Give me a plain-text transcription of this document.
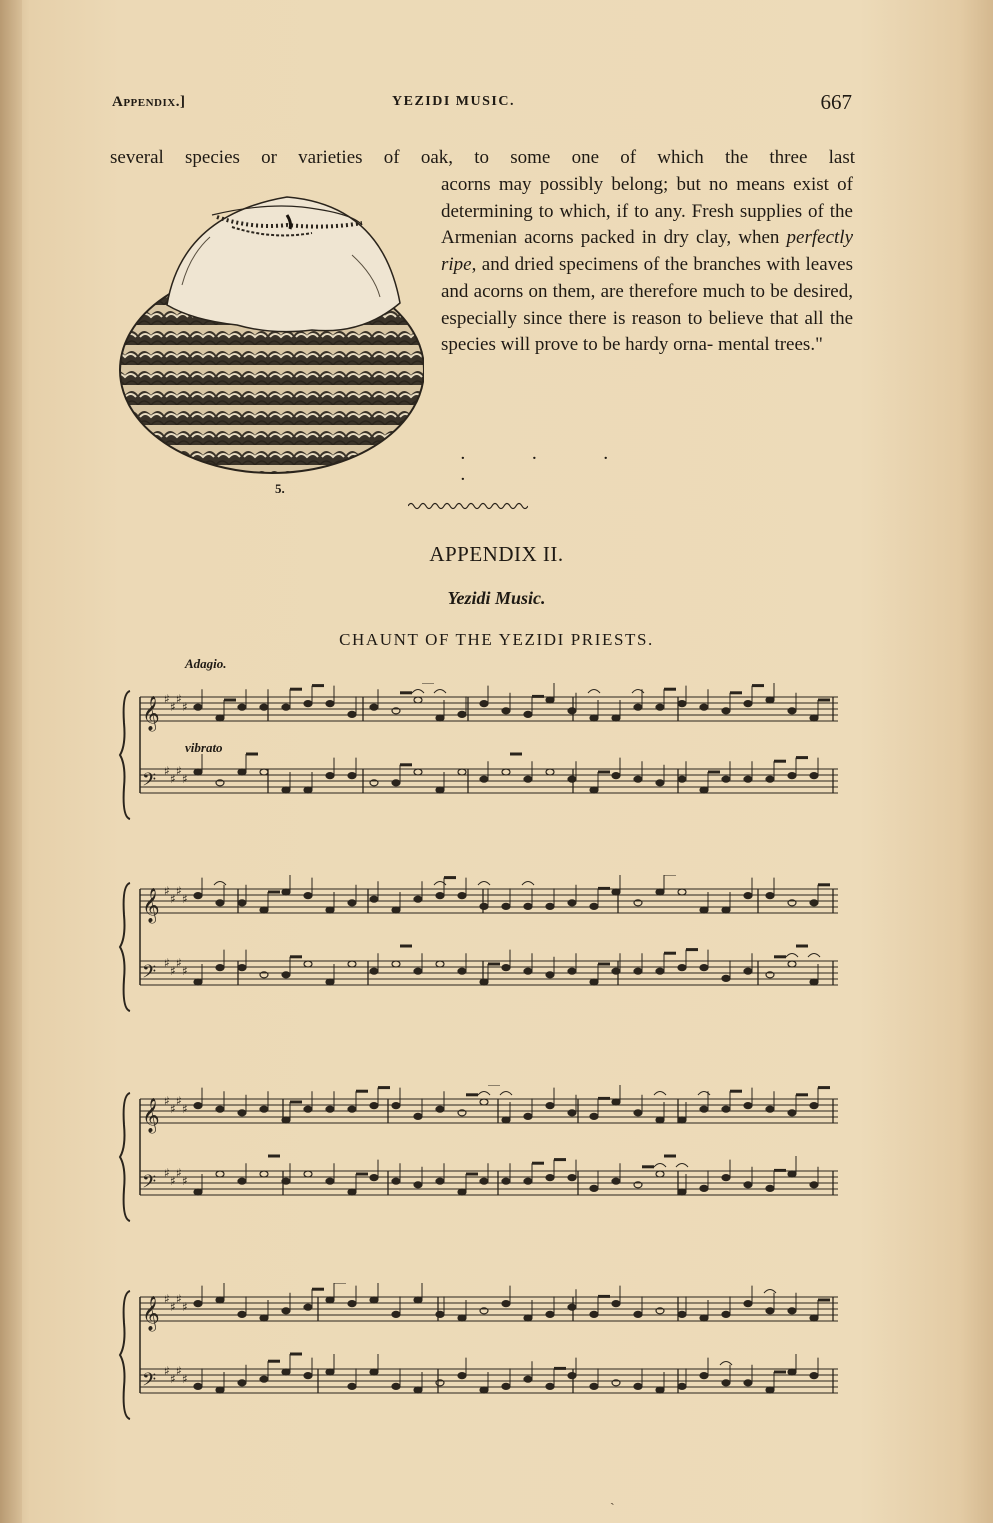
Appendix.]	YEZIDI MUSIC.	667
several species or varieties of oak, to some one of which the three last
acorns may possibly belong; but no means exist of determining to which, if to any. Fresh supplies of the Armenian acorns packed in dry clay, when perfectly ripe, and dried specimens of the branches with leaves and acorns on them, are therefore much to be desired, especially since there is reason to believe that all the species will prove to be hardy orna- mental trees."
5.
· · · ·
APPENDIX II.
Yezidi Music.
CHAUNT OF THE YEZIDI PRIESTS.
Adagio.
vibrato
𝄞 ♯
♯
♯
♯
𝄢 ♯
♯
♯
♯
𝄞 ♯
♯
♯
♯
𝄢 ♯
♯
♯
♯
𝄞 ♯
♯
♯
♯
𝄢 ♯
♯
♯
♯
𝄞 ♯
♯
♯
♯
𝄢 ♯
♯
♯
♯
ˏ
